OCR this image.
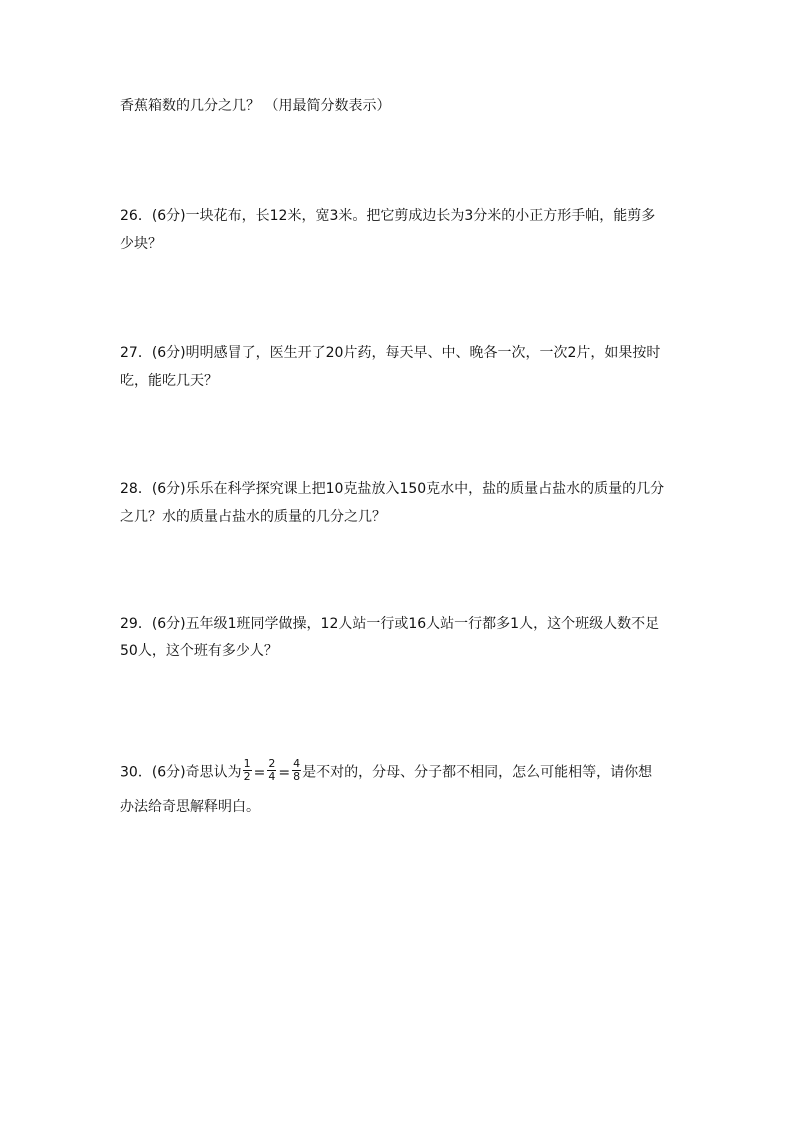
香蕉箱数的几分之几？ （用最简分数表示）
26．(6分)一块花布，长12米，宽3米。把它剪成边长为3分米的小正方形手帕，能剪多
少块？
27．(6分)明明感冒了，医生开了20片药，每天早、中、晚各一次，一次2片，如果按时
吃，能吃几天？
28．(6分)乐乐在科学探究课上把10克盐放入150克水中，盐的质量占盐水的质量的几分
之几？水的质量占盐水的质量的几分之几？
29．(6分)五年级1班同学做操，12人站一行或16人站一行都多1人，这个班级人数不足
50人，这个班有多少人？
30．(6分)奇思认为 $\frac{1}{2} = \frac{2}{4} = \frac{4}{8}$ 是不对的，分母、分子都不相同，怎么可能相等，请你想
办法给奇思解释明白。
